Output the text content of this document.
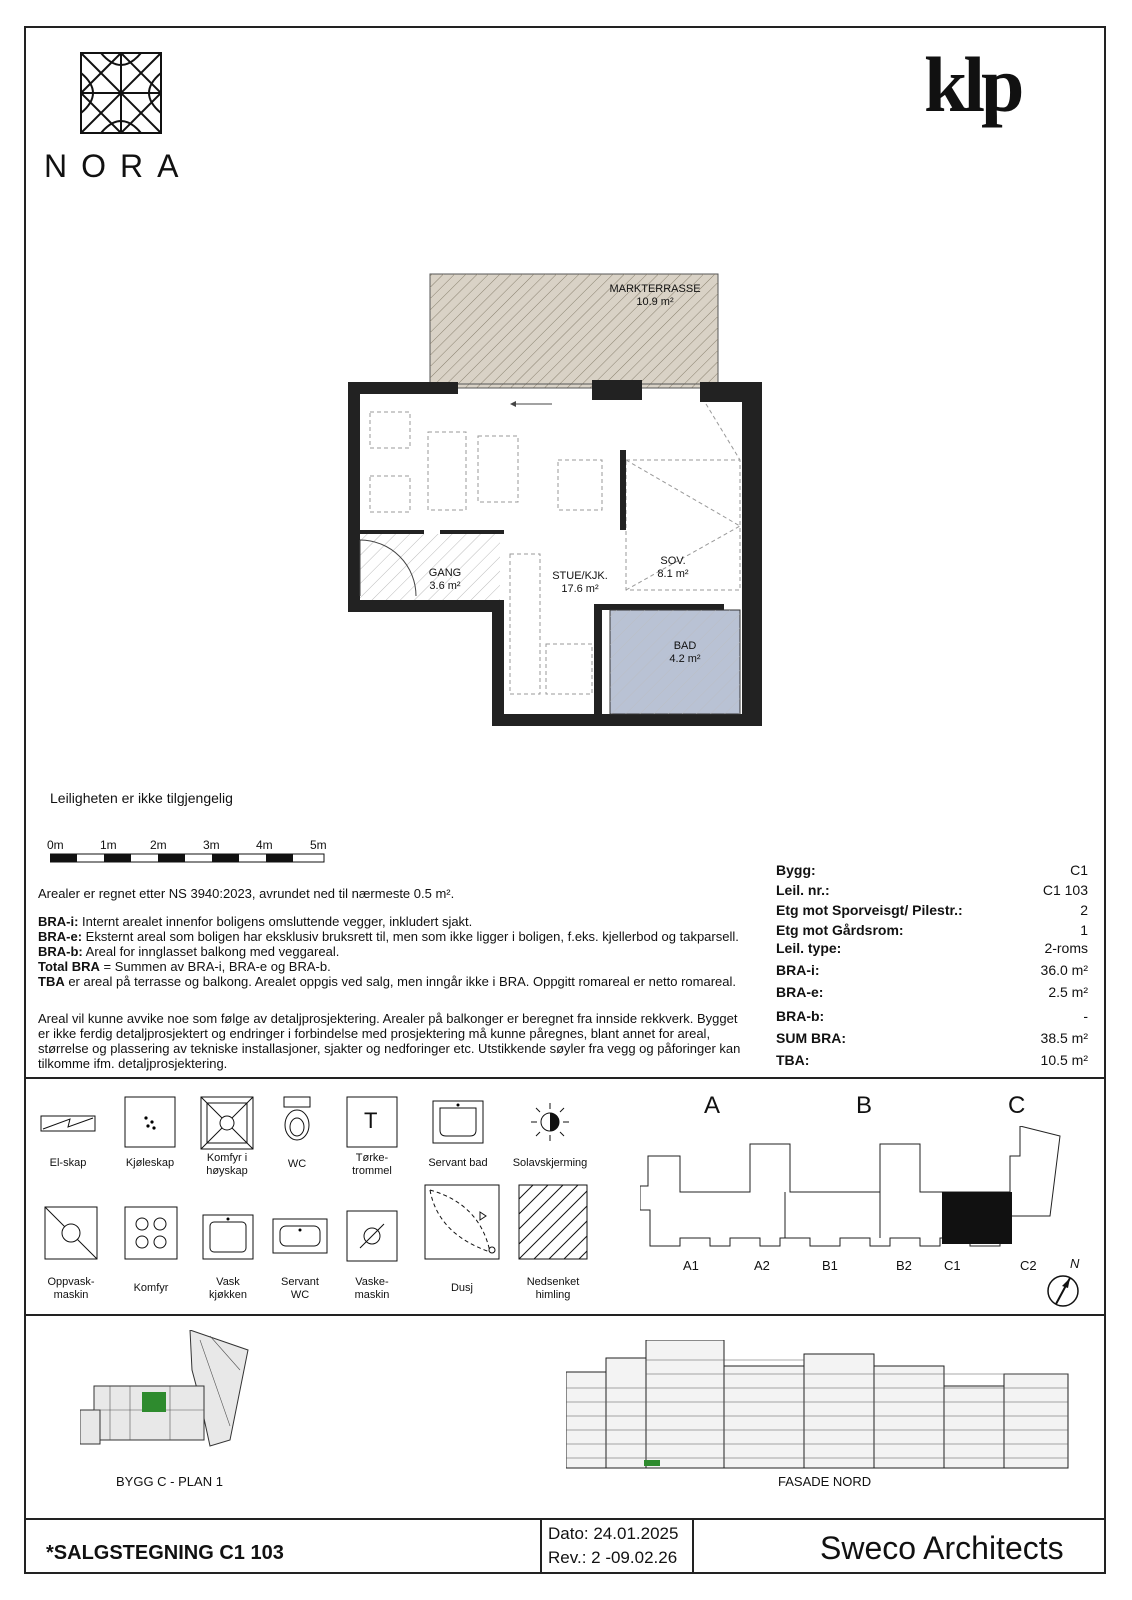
NORA
klp
MARKTERRASSE
10.9 m²
GANG
3.6 m²
STUE/KJK.
17.6 m²
SOV.
8.1 m²
BAD
4.2 m²
Leiligheten er ikke tilgjengelig
0m	1m	2m	3m	4m	5m
Arealer er regnet etter NS 3940:2023, avrundet ned til nærmeste 0.5 m².
BRA-i: Internt arealet innenfor boligens omsluttende vegger, inkludert sjakt.
BRA-e: Eksternt areal som boligen har eksklusiv bruksrett til, men som ikke ligger i boligen, f.eks. kjellerbod og takparsell.
BRA-b: Areal for innglasset balkong med veggareal.
Total BRA = Summen av BRA-i, BRA-e og BRA-b.
TBA er areal på terrasse og balkong. Arealet oppgis ved salg, men inngår ikke i BRA. Oppgitt romareal er netto romareal.
Areal vil kunne avvike noe som følge av detaljprosjektering. Arealer på balkonger er beregnet fra innside rekkverk. Bygget
er ikke ferdig detaljprosjektert og endringer i forbindelse med prosjektering må kunne påregnes, blant annet for areal,
størrelse og plassering av tekniske installasjoner, sjakter og nedforinger etc. Utstikkende søyler fra vegg og påforinger kan
tilkomme ifm. detaljprosjektering.
Bygg:	C1
Leil. nr.:	C1 103
Etg mot Sporveisgt/ Pilestr.:	2
Etg mot Gårdsrom:	1
Leil. type:	2-roms
BRA-i:	36.0 m²
BRA-e:	2.5 m²
BRA-b:	-
SUM BRA:	38.5 m²
TBA:	10.5 m²
T
El-skap	Kjøleskap	Komfyr i
høyskap
WC	Tørke-
trommel
Servant bad	Solavskjerming
Oppvask-
maskin
Komfyr	Vask
kjøkken
Servant
WC
Vaske-
maskin
Dusj	Nedsenket
himling
A	B	C
A1	A2	B1	B2 C1	C2	N
BYGG C - PLAN 1	FASADE NORD
*SALGSTEGNING C1 103
Dato: 24.01.2025
Rev.: 2 -09.02.26	Sweco Architects
